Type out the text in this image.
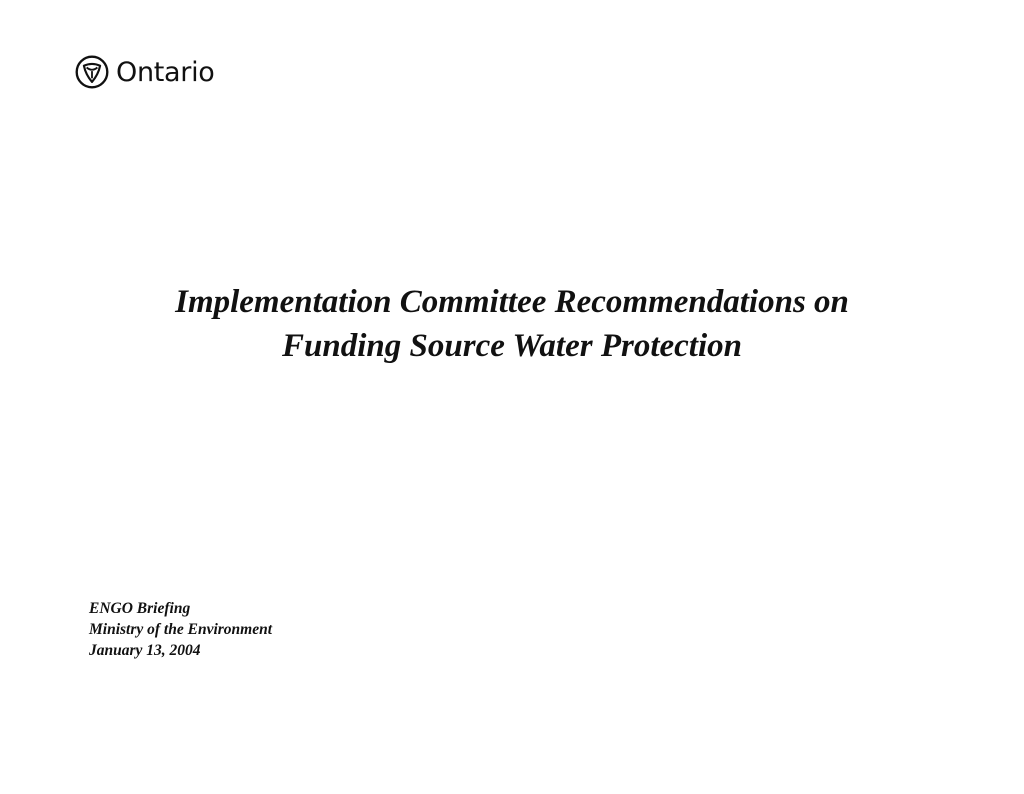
Ontario
Implementation Committee Recommendations on
Funding Source Water Protection
ENGO Briefing
Ministry of the Environment
January 13, 2004
